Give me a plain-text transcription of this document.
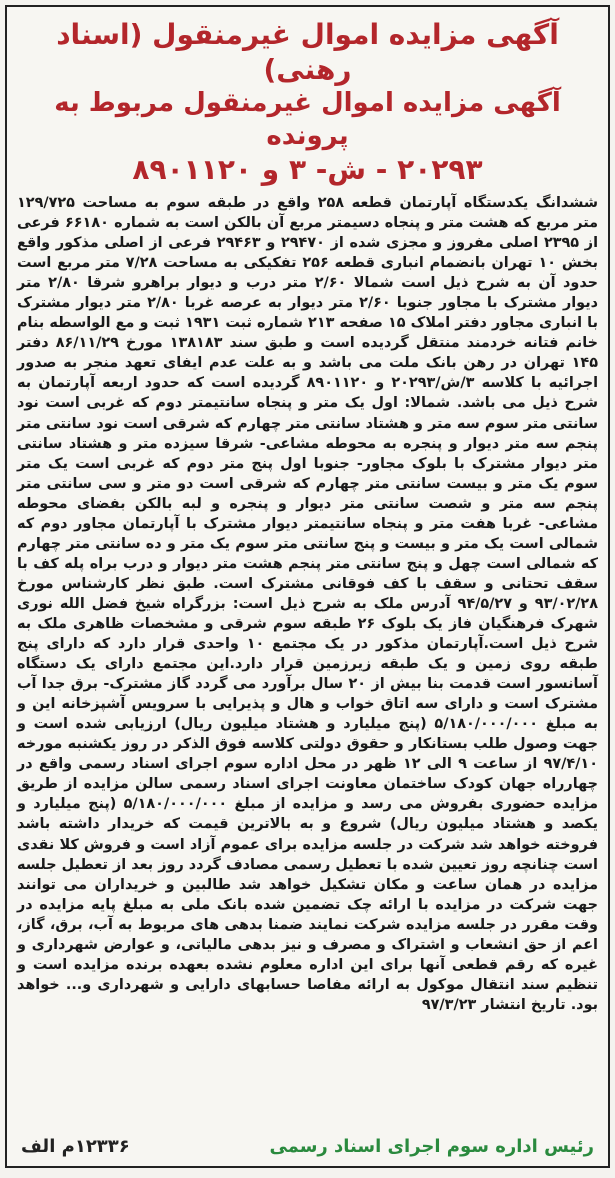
آگهی مزایده اموال غیرمنقول (اسناد رهنی)

آگهی مزایده اموال غیرمنقول مربوط به پرونده

۲۰۲۹۳ - ش- ۳ و ۸۹۰۱۱۲۰

ششدانگ یکدستگاه آپارتمان قطعه ۲۵۸ واقع در طبقه سوم به مساحت ۱۲۹/۷۲۵ متر مربع که هشت متر و پنجاه دسیمتر مربع آن بالکن است به شماره ۶۶۱۸۰ فرعی از ۲۳۹۵ اصلی مفروز و مجزی شده از ۲۹۴۷۰ و ۲۹۴۶۳ فرعی از اصلی مذکور واقع بخش ۱۰ تهران بانضمام انباری قطعه ۲۵۶ تفکیکی به مساحت ۷/۲۸ متر مربع است حدود آن به شرح ذیل است شمالا ۲/۶۰ متر درب و دیوار براهرو شرقا ۲/۸۰ متر دیوار مشترک با مجاور جنوبا ۲/۶۰ متر دیوار به عرصه غربا ۲/۸۰ متر دیوار مشترک با انباری مجاور دفتر املاک ۱۵ صفحه ۲۱۳ شماره ثبت ۱۹۳۱ ثبت و مع الواسطه بنام خانم فتانه خردمند منتقل گردیده است و طبق سند ۱۳۸۱۸۳ مورخ ۸۶/۱۱/۲۹ دفتر ۱۴۵ تهران در رهن بانک ملت می باشد و به علت عدم ایفای تعهد منجر به صدور اجرائیه با کلاسه ۳/ش/۲۰۲۹۳ و ۸۹۰۱۱۲۰ گردیده است که حدود اربعه آپارتمان به شرح ذیل می باشد. شمالا: اول یک متر و پنجاه سانتیمتر دوم که غربی است نود سانتی متر سوم سه متر و هشتاد سانتی متر چهارم که شرقی است نود سانتی متر پنجم سه متر دیوار و پنجره به محوطه مشاعی- شرقا سیزده متر و هشتاد سانتی متر دیوار مشترک با بلوک مجاور- جنوبا اول پنج متر دوم که غربی است یک متر سوم یک متر و بیست سانتی متر چهارم که شرقی است دو متر و سی سانتی متر پنجم سه متر و شصت سانتی متر دیوار و پنجره و لبه بالکن بفضای محوطه مشاعی- غربا هفت متر و پنجاه سانتیمتر دیوار مشترک با آپارتمان مجاور دوم که شمالی است یک متر و بیست و پنج سانتی متر سوم یک متر و ده سانتی متر چهارم که شمالی است چهل و پنج سانتی متر پنجم هشت متر دیوار و درب براه پله کف با سقف تحتانی و سقف با کف فوقانی مشترک است. طبق نظر کارشناس مورخ ۹۳/۰۲/۲۸ و ۹۴/۵/۲۷ آدرس ملک به شرح ذیل است: بزرگراه شیخ فضل الله نوری شهرک فرهنگیان فاز یک بلوک ۲۶ طبقه سوم شرقی و مشخصات ظاهری ملک به شرح ذیل است.آپارتمان مذکور در یک مجتمع ۱۰ واحدی قرار دارد که دارای پنج طبقه روی زمین و یک طبقه زیرزمین قرار دارد.این مجتمع دارای یک دستگاه آسانسور است قدمت بنا بیش از ۲۰ سال برآورد می گردد گاز مشترک- برق جدا آب مشترک است و دارای سه اتاق خواب و هال و پذیرایی با سرویس آشپزخانه این و به مبلغ ۵/۱۸۰/۰۰۰/۰۰۰ (پنج میلیارد و هشتاد میلیون ریال) ارزیابی شده است و جهت وصول طلب بستانکار و حقوق دولتی کلاسه فوق الذکر در روز یکشنبه مورخه ۹۷/۴/۱۰ از ساعت ۹ الی ۱۲ ظهر در محل اداره سوم اجرای اسناد رسمی واقع در چهارراه جهان کودک ساختمان معاونت اجرای اسناد رسمی سالن مزایده از طریق مزایده حضوری بفروش می رسد و مزایده از مبلغ ۵/۱۸۰/۰۰۰/۰۰۰ (پنج میلیارد و یکصد و هشتاد میلیون ریال) شروع و به بالاترین قیمت که خریدار داشته باشد فروخته خواهد شد شرکت در جلسه مزایده برای عموم آزاد است و فروش کلا نقدی است چنانچه روز تعیین شده با تعطیل رسمی مصادف گردد روز بعد از تعطیل جلسه مزایده در همان ساعت و مکان تشکیل خواهد شد طالبین و خریداران می توانند جهت شرکت در مزایده با ارائه چک تضمین شده بانک ملی به مبلغ پایه مزایده در وقت مقرر در جلسه مزایده شرکت نمایند ضمنا بدهی های مربوط به آب، برق، گاز، اعم از حق انشعاب و اشتراک و مصرف و نیز بدهی مالیاتی، و عوارض شهرداری و غیره که رقم قطعی آنها برای این اداره معلوم نشده بعهده برنده مزایده است و تنظیم سند انتقال موکول به ارائه مفاصا حسابهای دارایی و شهرداری و... خواهد بود. تاریخ انتشار ۹۷/۳/۲۳
رئیس اداره سوم اجرای اسناد رسمی
۱۲۳۳۶م الف
